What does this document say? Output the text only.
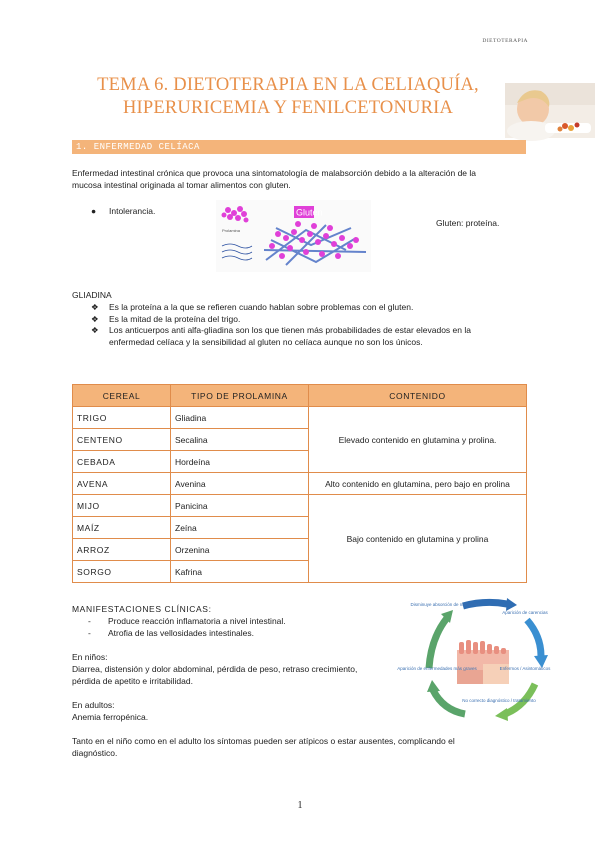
DIETOTERAPIA
TEMA 6. DIETOTERAPIA EN LA CELIAQUÍA,
HIPERURICEMIA Y FENILCETONURIA
1. ENFERMEDAD CELÍACA
Enfermedad intestinal crónica que provoca una sintomatología de malabsorción debido a la alteración de la
mucosa intestinal originada al tomar alimentos con gluten.
● Intolerancia.
Gluten: proteína.
Prolamina
Gluten
GLIADINA
❖ Es la proteína a la que se refieren cuando hablan sobre problemas con el gluten.
❖ Es la mitad de la proteína del trigo.
❖ Los anticuerpos anti alfa-gliadina son los que tienen más probabilidades de estar elevados en la
enfermedad celíaca y la sensibilidad al gluten no celíaca aunque no son los únicos.
CEREAL	TIPO DE PROLAMINA	CONTENIDO
TRIGO	Gliadina	Elevado contenido en glutamina y prolina.
CENTENO	Secalina	
CEBADA	Hordeína	
AVENA	Avenina	Alto contenido en glutamina, pero bajo en prolina
MIJO	Panicina	Bajo contenido en glutamina y prolina
MAÍZ	Zeína	
ARROZ	Orzenina	
SORGO	Kafrina	
MANIFESTACIONES CLÍNICAS:
- Produce reacción inflamatoria a nivel intestinal.
- Atrofia de las vellosidades intestinales.
En niños:
Diarrea, distensión y dolor abdominal, pérdida de peso, retraso crecimiento,
pérdida de apetito e irritabilidad.
En adultos:
Anemia ferropénica.
Tanto en el niño como en el adulto los síntomas pueden ser atípicos o estar ausentes, complicando el
diagnóstico.
Disminuye absorción de nutrientes
Aparición de carencias
Enfermos / Asintomáticos
No correcto diagnóstico / tratamiento
Aparición de enfermedades más graves
1
